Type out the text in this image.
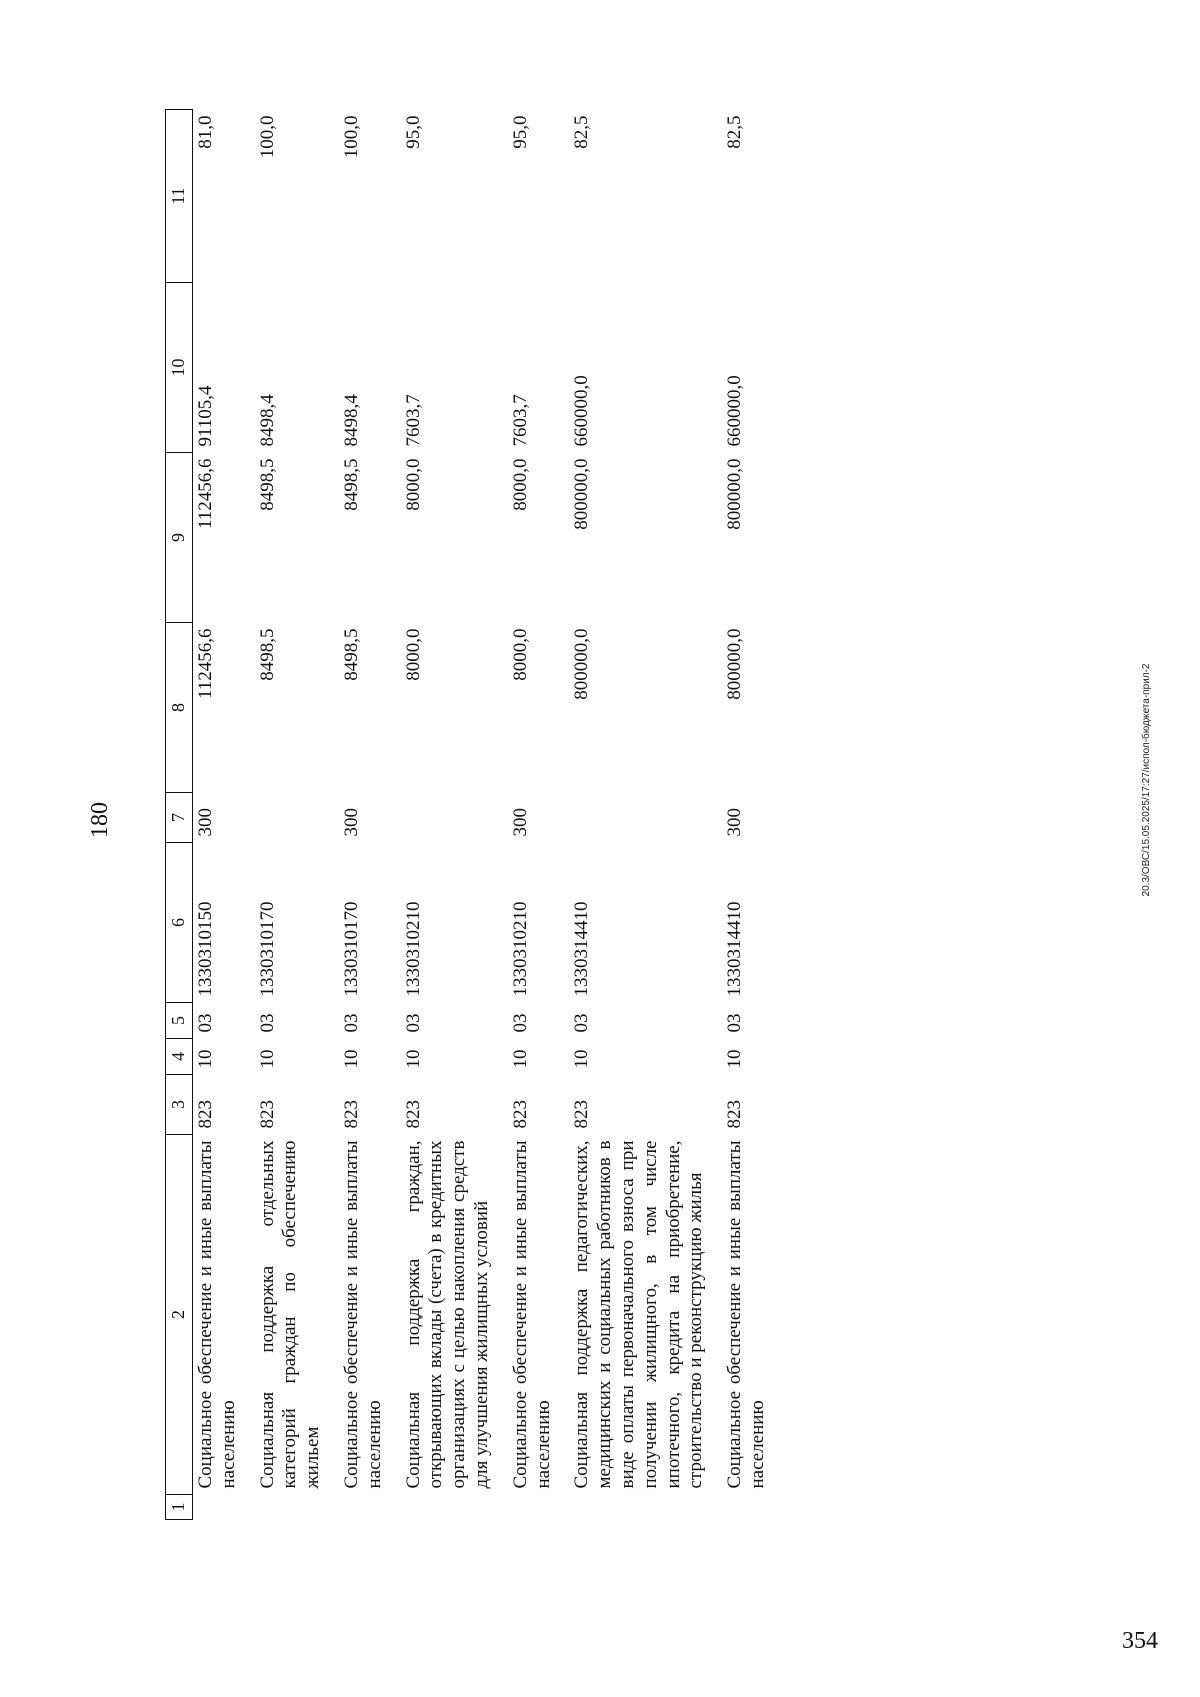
180
1	2	3	4	5	6	7	8	9	10	11
	Социальное обеспечение и иные выплаты населению	823	10	03	1330310150	300	112456,6	112456,6	91105,4	81,0
	Социальная поддержка отдельных категорий граждан по обеспечению жильем	823	10	03	1330310170		8498,5	8498,5	8498,4	100,0
	Социальное обеспечение и иные выплаты населению	823	10	03	1330310170	300	8498,5	8498,5	8498,4	100,0
	Социальная поддержка граждан, открывающих вклады (счета) в кредитных организациях с целью накопления средств для улучшения жилищных условий	823	10	03	1330310210		8000,0	8000,0	7603,7	95,0
	Социальное обеспечение и иные выплаты населению	823	10	03	1330310210	300	8000,0	8000,0	7603,7	95,0
	Социальная поддержка педагогических, медицинских и социальных работников в виде оплаты первоначального взноса при получении жилищного, в том числе ипотечного, кредита на приобретение, строительство и реконструкцию жилья	823	10	03	1330314410		800000,0	800000,0	660000,0	82,5
	Социальное обеспечение и иные выплаты населению	823	10	03	1330314410	300	800000,0	800000,0	660000,0	82,5
20.3/ОВС/15.05.2025/17:27/испол-бюджета-прил-2
354
